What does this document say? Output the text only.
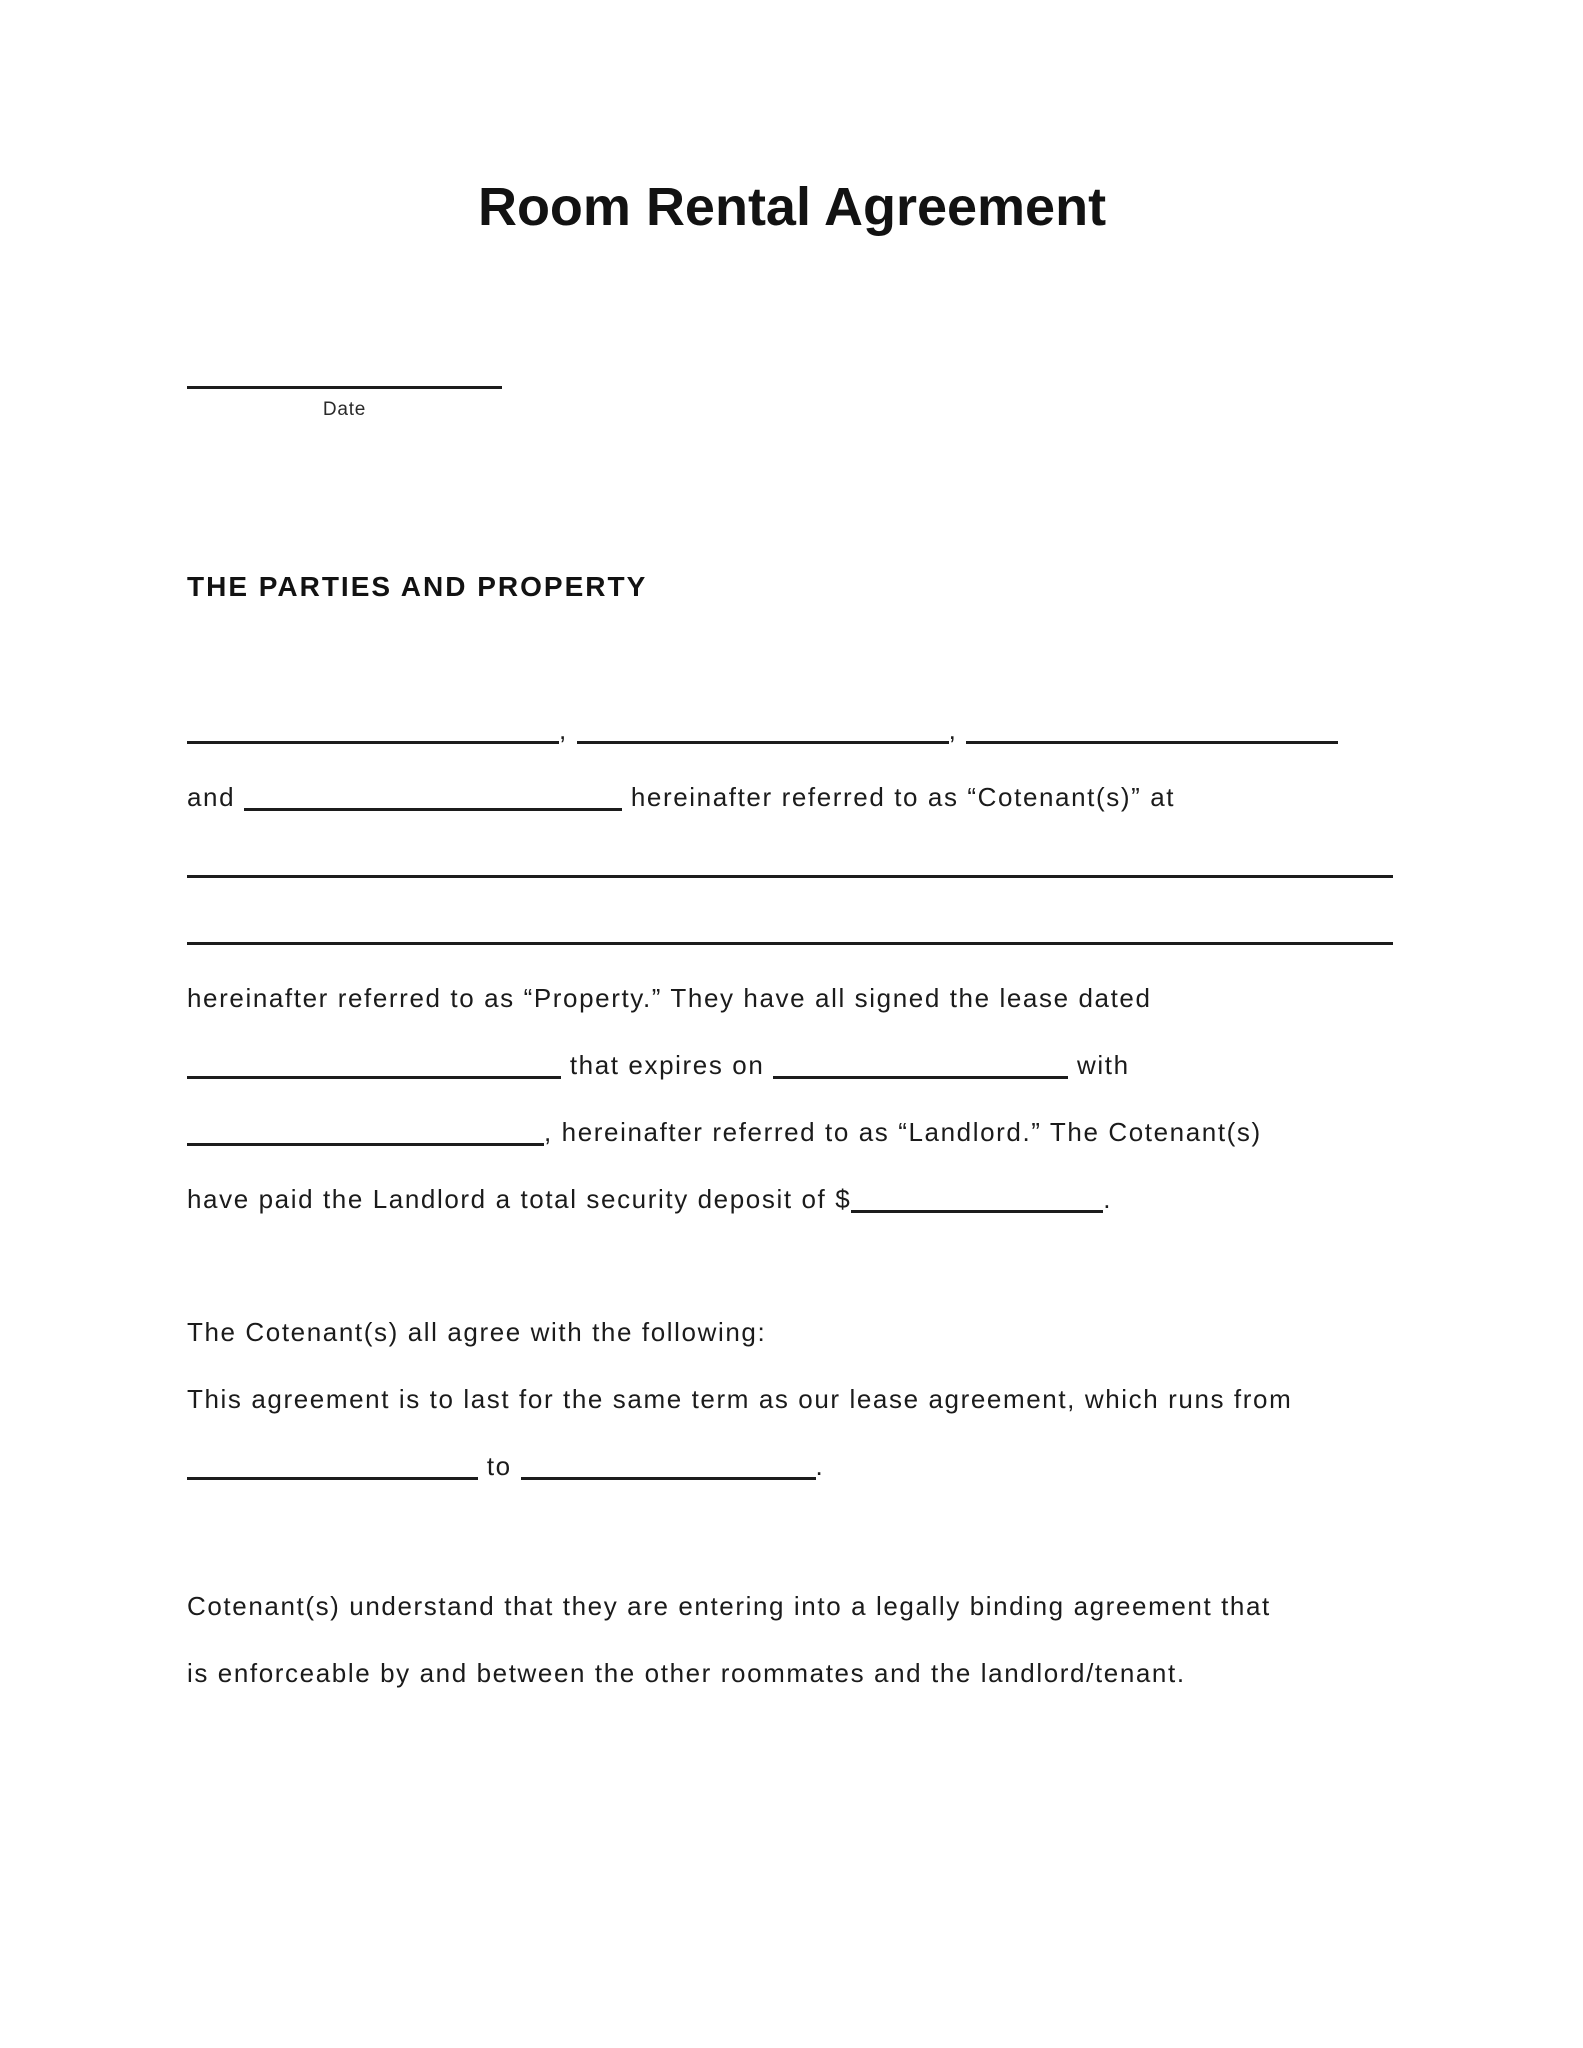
Room Rental Agreement
Date
THE PARTIES AND PROPERTY

,	,

and	hereinafter referred to as “Cotenant(s)” at

hereinafter referred to as “Property.” They have all signed the lease dated

that expires on	with

, hereinafter referred to as “Landlord.” The Cotenant(s)

have paid the Landlord a total security deposit of $	.

The Cotenant(s) all agree with the following:

This agreement is to last for the same term as our lease agreement, which runs from

to	.

Cotenant(s) understand that they are entering into a legally binding agreement that

is enforceable by and between the other roommates and the landlord/tenant.
